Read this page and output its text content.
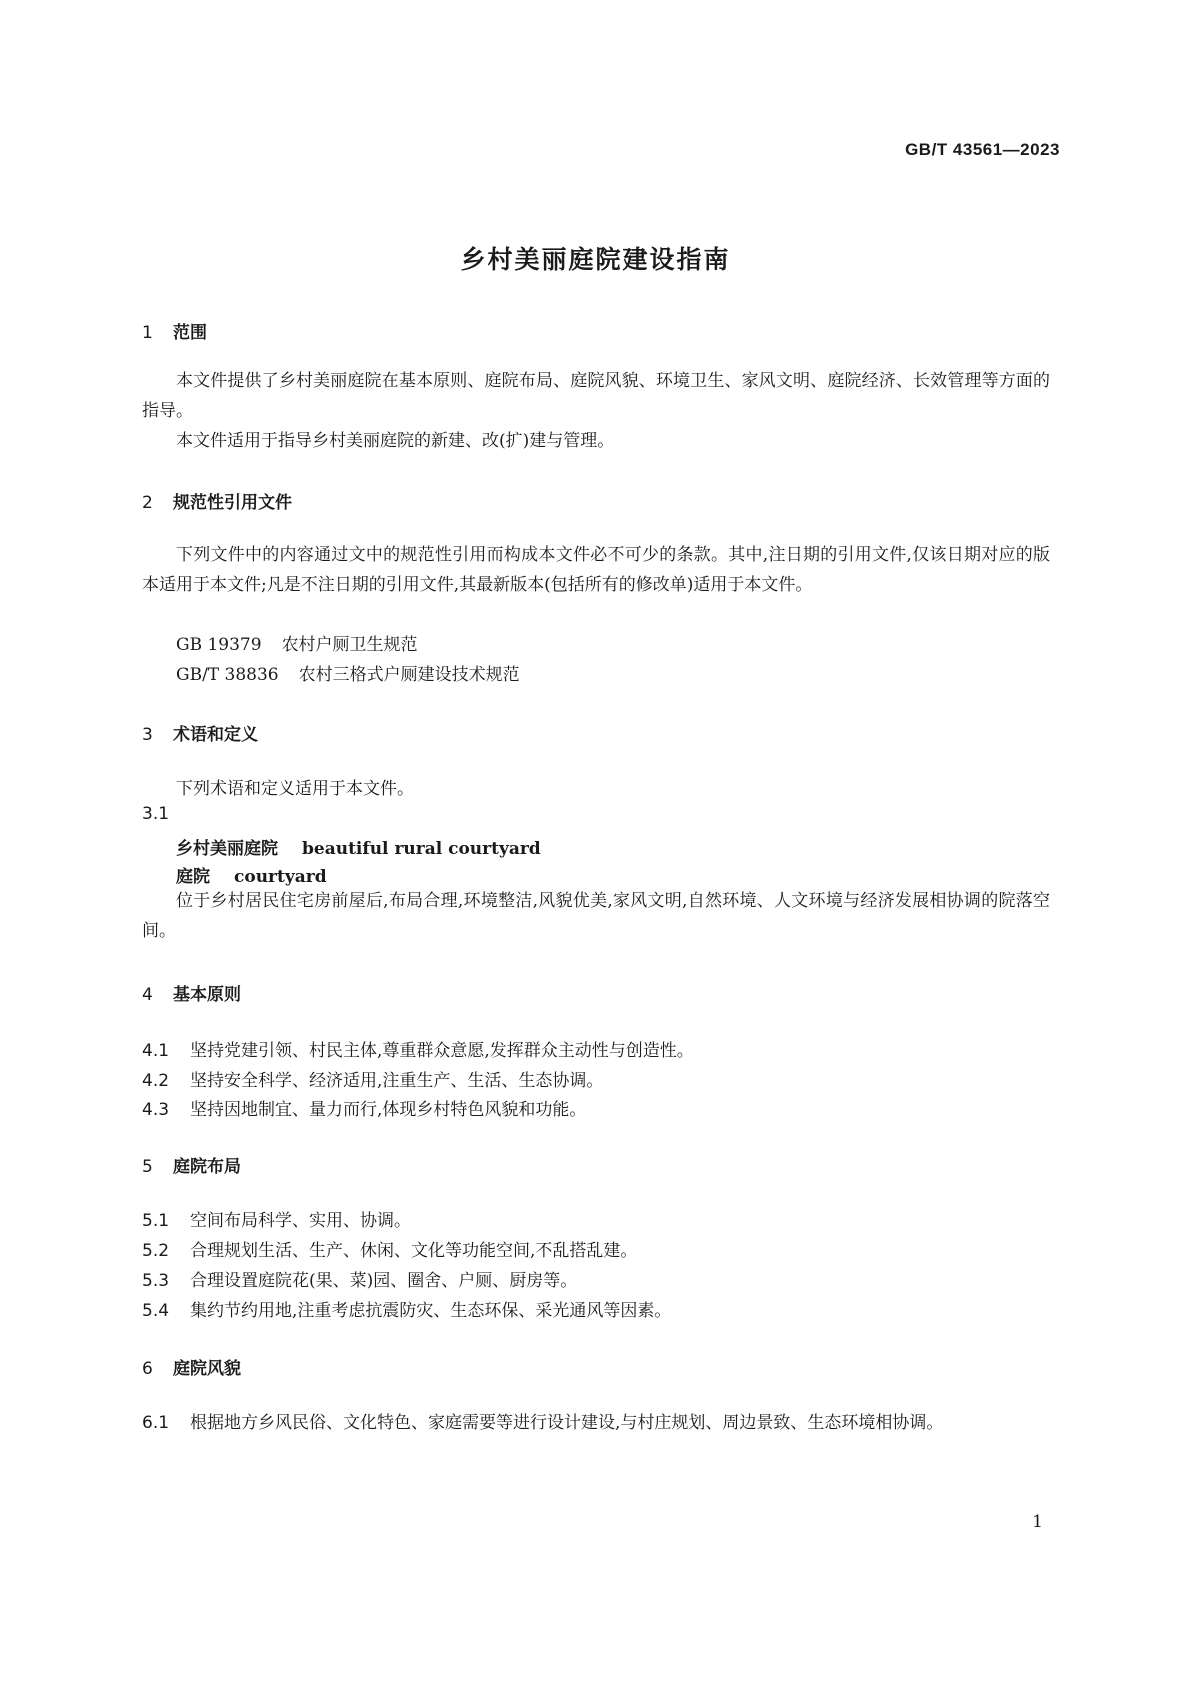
GB/T 43561—2023
乡村美丽庭院建设指南
1 范围
本文件提供了乡村美丽庭院在基本原则、庭院布局、庭院风貌、环境卫生、家风文明、庭院经济、长效管理等方面的指导。
本文件适用于指导乡村美丽庭院的新建、改(扩)建与管理。
2 规范性引用文件
下列文件中的内容通过文中的规范性引用而构成本文件必不可少的条款。其中,注日期的引用文件,仅该日期对应的版本适用于本文件;凡是不注日期的引用文件,其最新版本(包括所有的修改单)适用于本文件。
GB 19379 农村户厕卫生规范
GB/T 38836 农村三格式户厕建设技术规范
3 术语和定义
下列术语和定义适用于本文件。
3.1
乡村美丽庭院 beautiful rural courtyard
庭院 courtyard
位于乡村居民住宅房前屋后,布局合理,环境整洁,风貌优美,家风文明,自然环境、人文环境与经济发展相协调的院落空间。
4 基本原则
4.1 坚持党建引领、村民主体,尊重群众意愿,发挥群众主动性与创造性。
4.2 坚持安全科学、经济适用,注重生产、生活、生态协调。
4.3 坚持因地制宜、量力而行,体现乡村特色风貌和功能。
5 庭院布局
5.1 空间布局科学、实用、协调。
5.2 合理规划生活、生产、休闲、文化等功能空间,不乱搭乱建。
5.3 合理设置庭院花(果、菜)园、圈舍、户厕、厨房等。
5.4 集约节约用地,注重考虑抗震防灾、生态环保、采光通风等因素。
6 庭院风貌
6.1 根据地方乡风民俗、文化特色、家庭需要等进行设计建设,与村庄规划、周边景致、生态环境相协调。
1
